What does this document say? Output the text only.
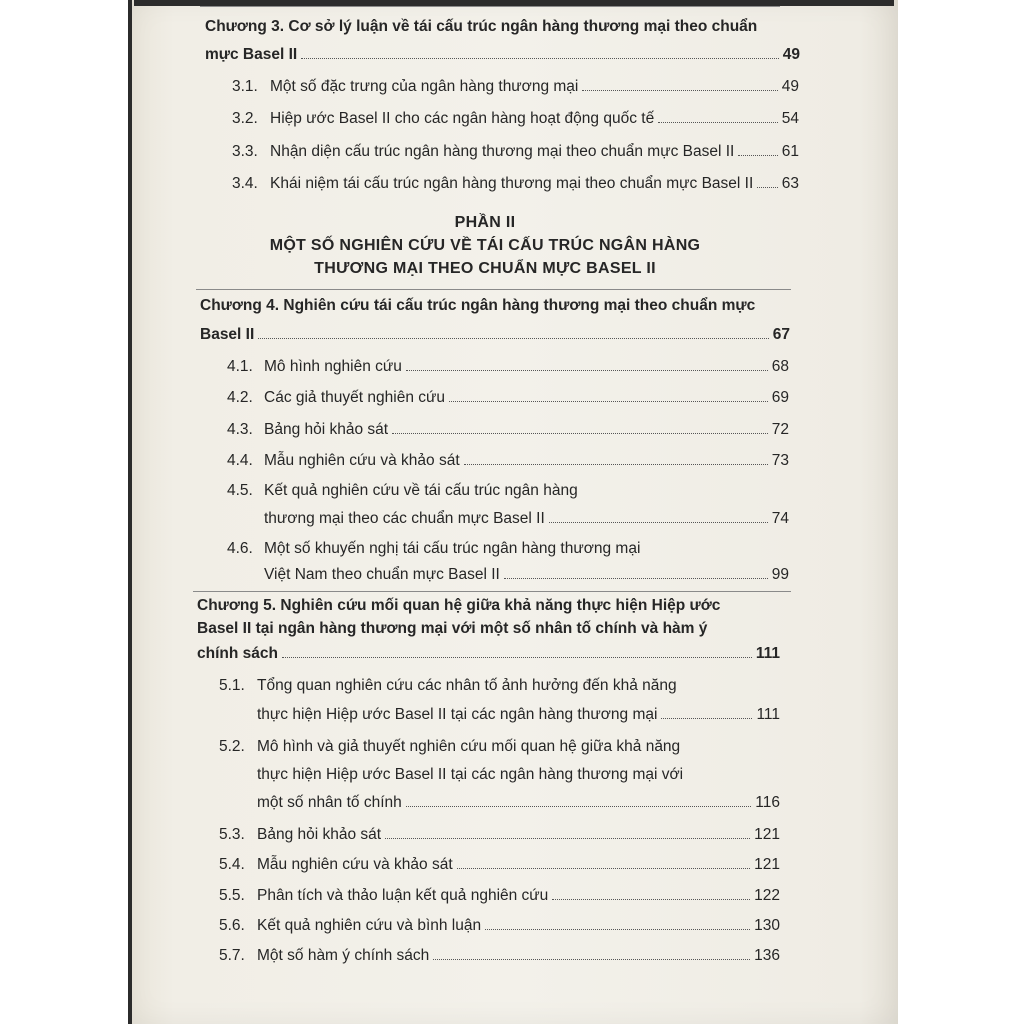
Chương 3. Cơ sở lý luận về tái cấu trúc ngân hàng thương mại theo chuẩn
mực Basel II	49
3.1. Một số đặc trưng của ngân hàng thương mại	49
3.2. Hiệp ước Basel II cho các ngân hàng hoạt động quốc tế	54
3.3. Nhận diện cấu trúc ngân hàng thương mại theo chuẩn mực Basel II	61
3.4. Khái niệm tái cấu trúc ngân hàng thương mại theo chuẩn mực Basel II 63
PHẦN II
MỘT SỐ NGHIÊN CỨU VỀ TÁI CẤU TRÚC NGÂN HÀNG
THƯƠNG MẠI THEO CHUẨN MỰC BASEL II
Chương 4. Nghiên cứu tái cấu trúc ngân hàng thương mại theo chuẩn mực
Basel II	67
4.1. Mô hình nghiên cứu	68
4.2. Các giả thuyết nghiên cứu	69
4.3. Bảng hỏi khảo sát	72
4.4. Mẫu nghiên cứu và khảo sát	73
4.5. Kết quả nghiên cứu về tái cấu trúc ngân hàng
thương mại theo các chuẩn mực Basel II	74
4.6. Một số khuyến nghị tái cấu trúc ngân hàng thương mại
Việt Nam theo chuẩn mực Basel II	99
Chương 5. Nghiên cứu mối quan hệ giữa khả năng thực hiện Hiệp ước
Basel II tại ngân hàng thương mại với một số nhân tố chính và hàm ý
chính sách	111
5.1. Tổng quan nghiên cứu các nhân tố ảnh hưởng đến khả năng
thực hiện Hiệp ước Basel II tại các ngân hàng thương mại	111
5.2. Mô hình và giả thuyết nghiên cứu mối quan hệ giữa khả năng
thực hiện Hiệp ước Basel II tại các ngân hàng thương mại với
một số nhân tố chính	116
5.3. Bảng hỏi khảo sát	121
5.4. Mẫu nghiên cứu và khảo sát	121
5.5. Phân tích và thảo luận kết quả nghiên cứu	122
5.6. Kết quả nghiên cứu và bình luận	130
5.7. Một số hàm ý chính sách	136
